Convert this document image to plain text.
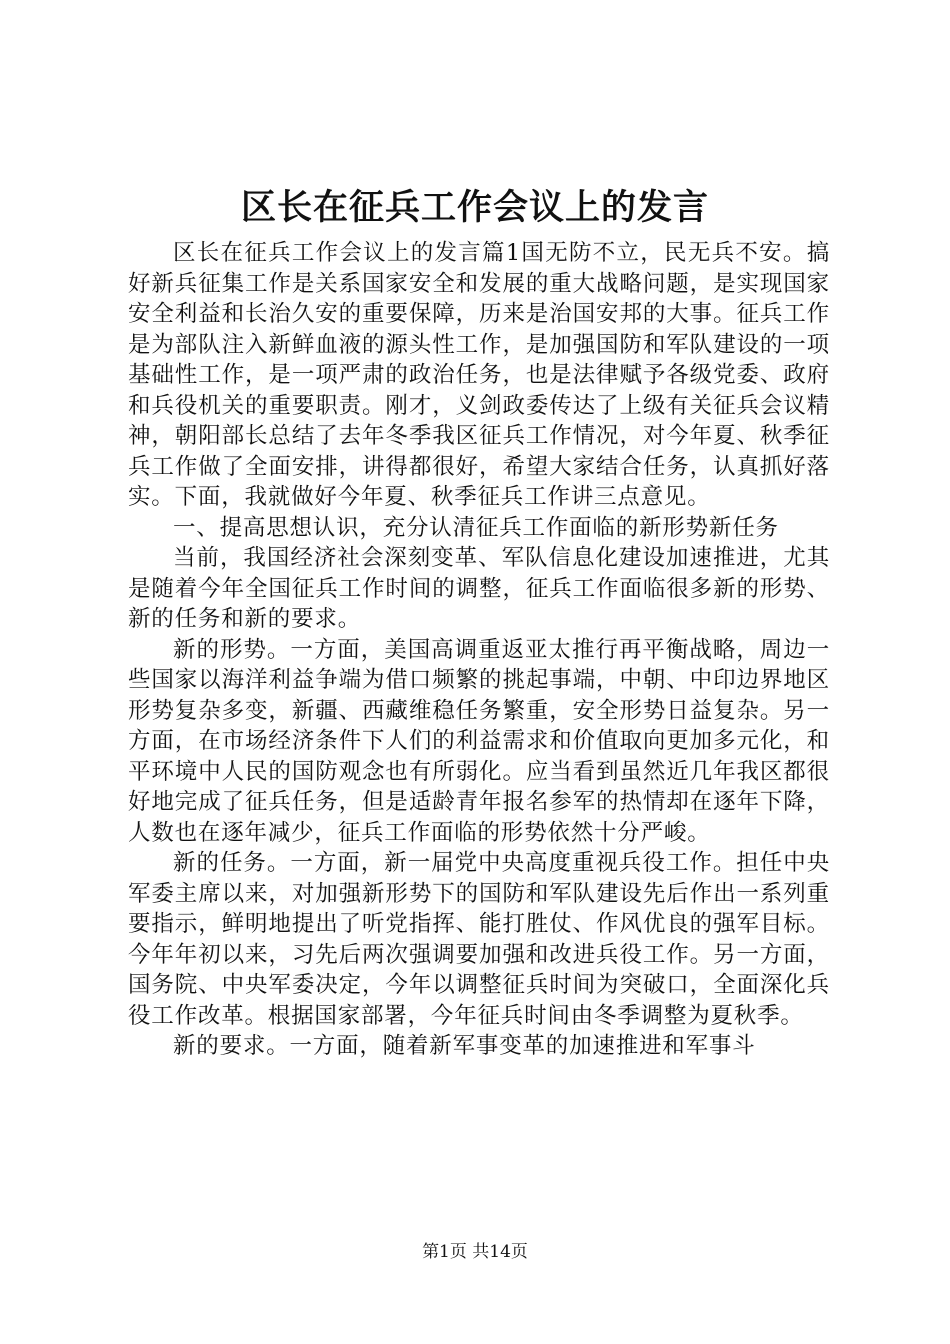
区长在征兵工作会议上的发言

区长在征兵工作会议上的发言篇1国无防不立，民无兵不安。搞好新兵征集工作是关系国家安全和发展的重大战略问题，是实现国家安全利益和长治久安的重要保障，历来是治国安邦的大事。征兵工作是为部队注入新鲜血液的源头性工作，是加强国防和军队建设的一项基础性工作，是一项严肃的政治任务，也是法律赋予各级党委、政府和兵役机关的重要职责。刚才，义剑政委传达了上级有关征兵会议精神，朝阳部长总结了去年冬季我区征兵工作情况，对今年夏、秋季征兵工作做了全面安排，讲得都很好，希望大家结合任务，认真抓好落实。下面，我就做好今年夏、秋季征兵工作讲三点意见。

一、提高思想认识，充分认清征兵工作面临的新形势新任务

当前，我国经济社会深刻变革、军队信息化建设加速推进，尤其是随着今年全国征兵工作时间的调整，征兵工作面临很多新的形势、新的任务和新的要求。

新的形势。一方面，美国高调重返亚太推行再平衡战略，周边一些国家以海洋利益争端为借口频繁的挑起事端，中朝、中印边界地区形势复杂多变，新疆、西藏维稳任务繁重，安全形势日益复杂。另一方面，在市场经济条件下人们的利益需求和价值取向更加多元化，和平环境中人民的国防观念也有所弱化。应当看到虽然近几年我区都很好地完成了征兵任务，但是适龄青年报名参军的热情却在逐年下降，人数也在逐年减少，征兵工作面临的形势依然十分严峻。

新的任务。一方面，新一届党中央高度重视兵役工作。担任中央军委主席以来，对加强新形势下的国防和军队建设先后作出一系列重要指示，鲜明地提出了听党指挥、能打胜仗、作风优良的强军目标。今年年初以来，习先后两次强调要加强和改进兵役工作。另一方面，国务院、中央军委决定，今年以调整征兵时间为突破口，全面深化兵役工作改革。根据国家部署，今年征兵时间由冬季调整为夏秋季。

新的要求。一方面，随着新军事变革的加速推进和军事斗

第1页 共14页
